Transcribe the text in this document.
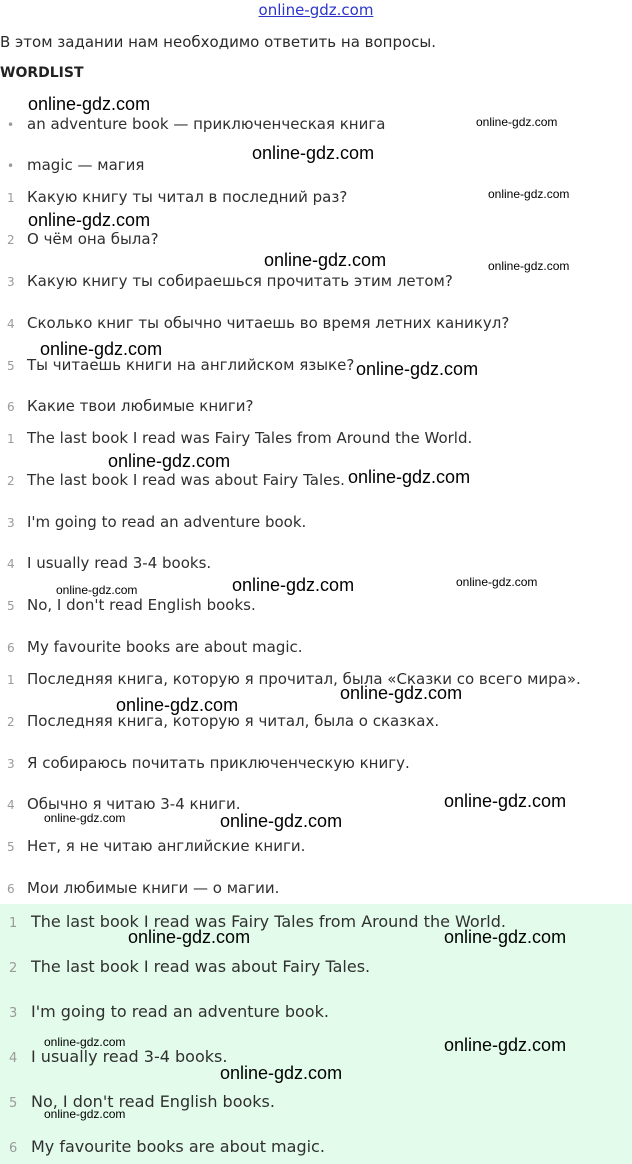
online-gdz.com
В этом задании нам необходимо ответить на вопросы.
WORDLIST
• an adventure book — приключенческая книга
• magic — магия
1 Какую книгу ты читал в последний раз?
2 О чём она была?
3 Какую книгу ты собираешься прочитать этим летом?
4 Сколько книг ты обычно читаешь во время летних каникул?
5 Ты читаешь книги на английском языке?
6 Какие твои любимые книги?
1 The last book I read was Fairy Tales from Around the World.
2 The last book I read was about Fairy Tales.
3 I'm going to read an adventure book.
4 I usually read 3-4 books.
5 No, I don't read English books.
6 My favourite books are about magic.
1 Последняя книга, которую я прочитал, была «Сказки со всего мира».
2 Последняя книга, которую я читал, была о сказках.
3 Я собираюсь почитать приключенческую книгу.
4 Обычно я читаю 3-4 книги.
5 Нет, я не читаю английские книги.
6 Мои любимые книги — о магии.
1 The last book I read was Fairy Tales from Around the World.
2 The last book I read was about Fairy Tales.
3 I'm going to read an adventure book.
4 I usually read 3-4 books.
5 No, I don't read English books.
6 My favourite books are about magic.
online-gdz.com
online-gdz.com
online-gdz.com
online-gdz.com
online-gdz.com
online-gdz.com	online-gdz.com
online-gdz.com
online-gdz.com
online-gdz.com
online-gdz.com
online-gdz.com
online-gdz.com
online-gdz.com
online-gdz.com
online-gdz.com
online-gdz.com
online-gdz.com	online-gdz.com
online-gdz.com	online-gdz.com
online-gdz.com	online-gdz.com
online-gdz.com
online-gdz.com
